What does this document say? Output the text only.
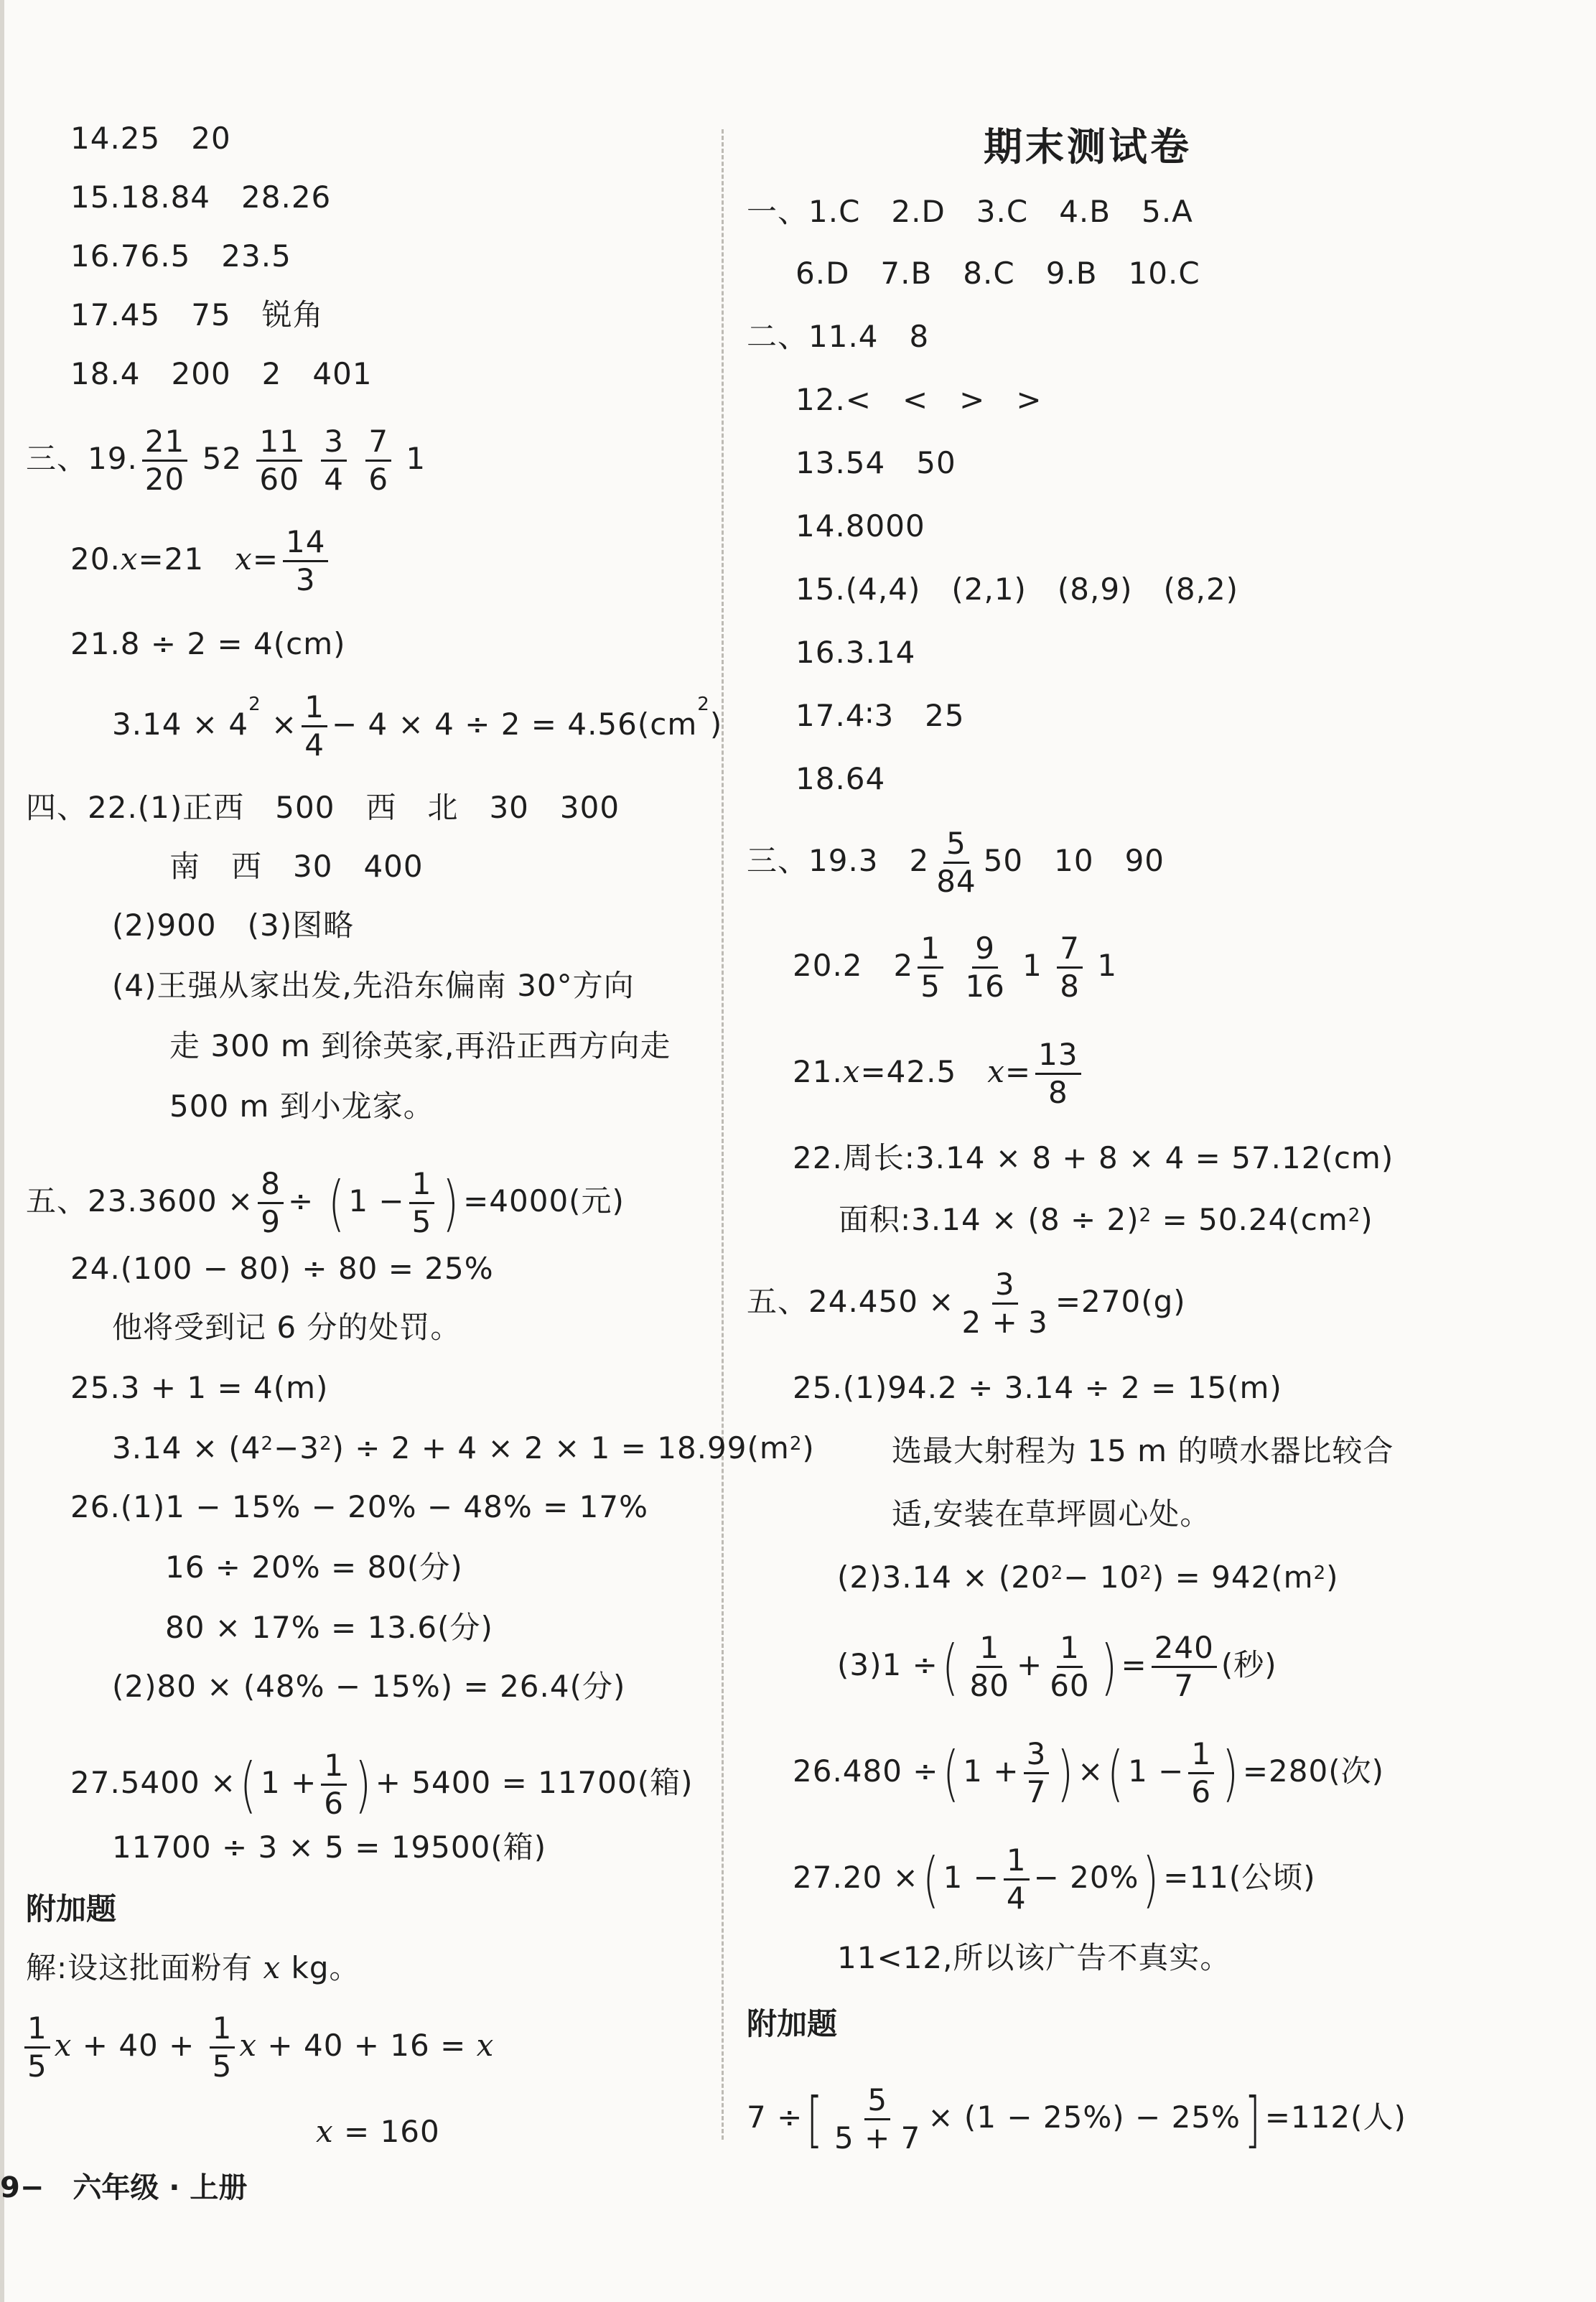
14.25　20
15.18.84　28.26
16.76.5　23.5
17.45　75　锐角
18.4　200　2　401
三、19. $\frac{21}{20} 52 \frac{11}{60}$
$\frac{3}{4}$
$\frac{7}{6} 1$
20.x=21　$x= \frac{14}{3}$
21.8 ÷ 2 = 4(cm)
$3.14 \times 4^2 \times \frac{1}{4} - 4 \times 4 \div 2 = 4.56(cm^2)$
四、22.(1)正西　500　西　北　30　300
南　西　30　400
(2)900　(3)图略
(4)王强从家出发,先沿东偏南 30°方向
走 300 m 到徐英家,再沿正西方向走
500 m 到小龙家。
五、$23.3600 \times \frac{8}{9}$ ÷ ( $1 - \frac{1}{5}$ ) =4000(元)
24.(100 − 80) ÷ 80 = 25%
他将受到记 6 分的处罚。
25.3 + 1 = 4(m)
$3.14 \times (4^2-3^2) \div 2 + 4 \times 2 \times 1 = 18.99(m^2)$
26.(1)1 − 15% − 20% − 48% = 17%
16 ÷ 20% = 80(分)
80 × 17% = 13.6(分)
(2)80 × (48% − 15%) = 26.4(分)
27.5400 ×( $1 + \frac{1}{6}$ ) + 5400 = 11700(箱)
11700 ÷ 3 × 5 = 19500(箱)
附加题
解:设这批面粉有 x kg。
$\frac{1}{5}$ $x + 40 + \frac{1}{5}$ x + 40 + 16 = x
x = 160
9−　六年级 · 上册
期末测试卷
一、1.C　2.D　3.C　4.B　5.A
6.D　7.B　8.C　9.B　10.C
二、11.4　8
12.<　<　>　>
13.54　50
14.8000
15.(4,4)　(2,1)　(8,9)　(8,2)
16.3.14
17.4∶3　25
18.64
三、19.3　$2 \frac{5}{84} 50$　10　90
20.2　$2 \frac{1}{5}$
$\frac{9}{16} 1 \frac{7}{8} 1$
21.x=42.5　$x= \frac{13}{8}$
22.周长:3.14 × 8 + 8 × 4 = 57.12(cm)
面积:3.14 × $(8 \div 2)^2 = 50.24(cm^2)$
五、$24.450 \times \frac{3}{2 + 3} =270(g)$
25.(1)94.2 ÷ 3.14 ÷ 2 = 15(m)
选最大射程为 15 m 的喷水器比较合
适,安装在草坪圆心处。
$(2)3.14 \times (20^2- 10^2) = 942(m^2)$
(3)1 ÷( $\frac{1}{80} + \frac{1}{60}$ ) = $\frac{240}{7}$ (秒)
26.480 ÷( $1 + \frac{3}{7}$ ) ×( $1 - \frac{1}{6}$ ) =280(次)
27.20 ×( $1 - \frac{1}{4} - 20\%) =11$(公顷)
11<12,所以该广告不真实。
附加题
7 ÷[ $\frac{5}{5 + 7} \times (1 - 25\%) - 25\%] =112$(人)
